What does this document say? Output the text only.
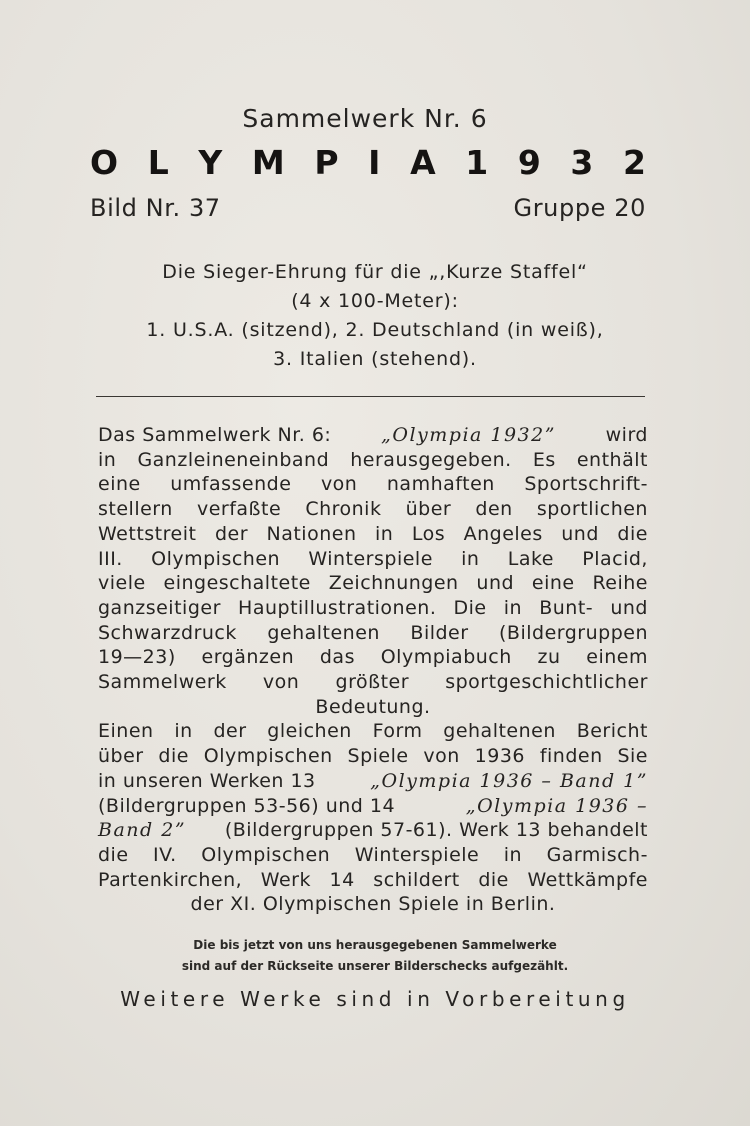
Sammelwerk Nr. 6
O L Y M P I A 1 9 3 2
Bild Nr. 37	Gruppe 20
Die Sieger-Ehrung für die „,Kurze Staffel“
(4 x 100-Meter):
1. U.S.A. (sitzend), 2. Deutschland (in weiß),
3. Italien (stehend).
Das Sammelwerk Nr. 6:	„Olympia 1932”	wird
in Ganzleineneinband herausgegeben. Es enthält
eine umfassende von namhaften Sportschrift-
stellern verfaßte Chronik über den sportlichen
Wettstreit der Nationen in Los Angeles und die
III. Olympischen Winterspiele in Lake Placid,
viele eingeschaltete Zeichnungen und eine Reihe
ganzseitiger Hauptillustrationen. Die in Bunt- und
Schwarzdruck gehaltenen Bilder (Bildergruppen
19—23) ergänzen das Olympiabuch zu einem
Sammelwerk von größter sportgeschichtlicher
Bedeutung.
Einen in der gleichen Form gehaltenen Bericht
über die Olympischen Spiele von 1936 finden Sie
in unseren Werken 13	„Olympia 1936 – Band 1”
(Bildergruppen 53-56) und 14	„Olympia 1936 –
Band 2” (Bildergruppen 57-61). Werk 13 behandelt
die IV. Olympischen Winterspiele in Garmisch-
Partenkirchen, Werk 14 schildert die Wettkämpfe
der XI. Olympischen Spiele in Berlin.
Die bis jetzt von uns herausgegebenen Sammelwerke
sind auf der Rückseite unserer Bilderschecks aufgezählt.
Weitere Werke sind in Vorbereitung
